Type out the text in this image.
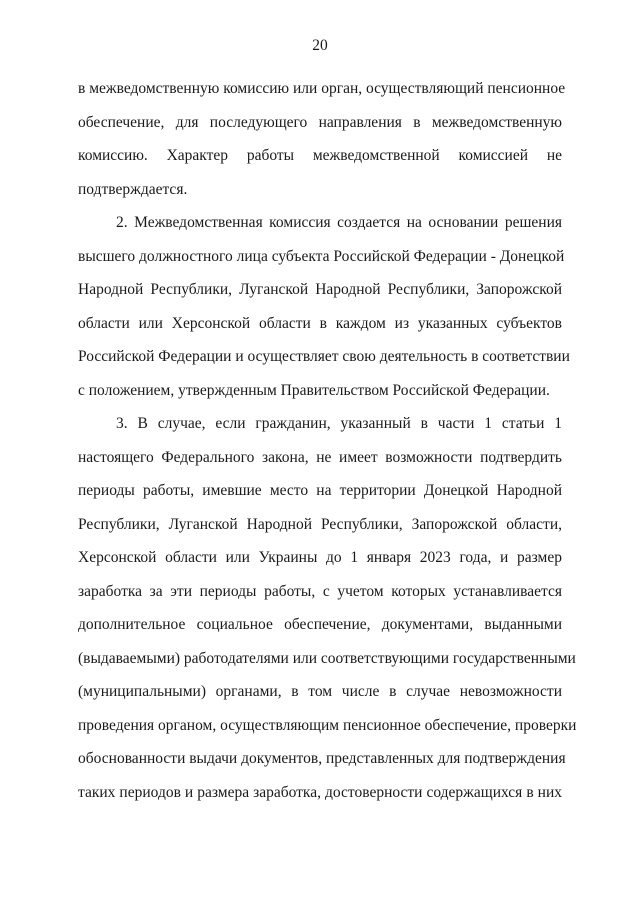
20
в межведомственную комиссию или орган, осуществляющий пенсионное
обеспечение, для последующего направления в межведомственную
комиссию. Характер работы межведомственной комиссией не
подтверждается.
2. Межведомственная комиссия создается на основании решения
высшего должностного лица субъекта Российской Федерации - Донецкой
Народной Республики, Луганской Народной Республики, Запорожской
области или Херсонской области в каждом из указанных субъектов
Российской Федерации и осуществляет свою деятельность в соответствии
с положением, утвержденным Правительством Российской Федерации.
3. В случае, если гражданин, указанный в части 1 статьи 1
настоящего Федерального закона, не имеет возможности подтвердить
периоды работы, имевшие место на территории Донецкой Народной
Республики, Луганской Народной Республики, Запорожской области,
Херсонской области или Украины до 1 января 2023 года, и размер
заработка за эти периоды работы, с учетом которых устанавливается
дополнительное социальное обеспечение, документами, выданными
(выдаваемыми) работодателями или соответствующими государственными
(муниципальными) органами, в том числе в случае невозможности
проведения органом, осуществляющим пенсионное обеспечение, проверки
обоснованности выдачи документов, представленных для подтверждения
таких периодов и размера заработка, достоверности содержащихся в них
